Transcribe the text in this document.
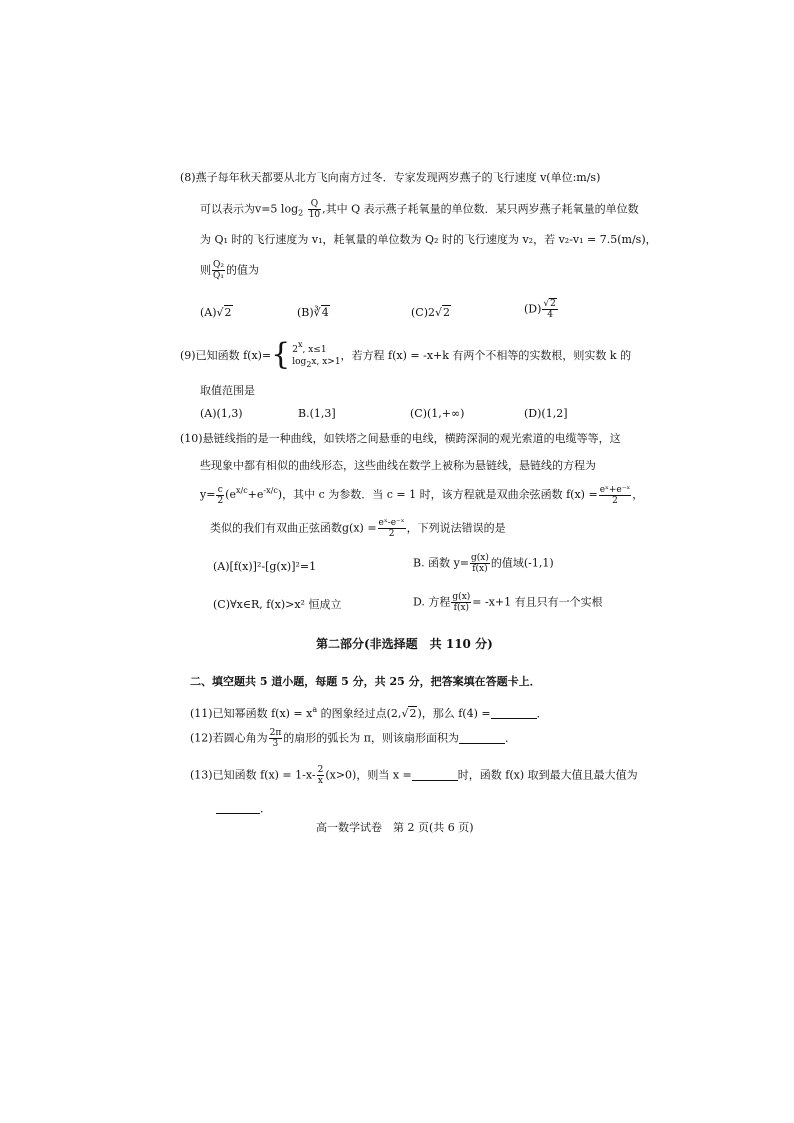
(8)燕子每年秋天都要从北方飞向南方过冬．专家发现两岁燕子的飞行速度 v(单位:m/s)
可以表示为v=5 $\log_2 \frac{Q}{10}$ ,其中 Q 表示燕子耗氧量的单位数．某只两岁燕子耗氧量的单位数
为 Q₁ 时的飞行速度为 v₁，耗氧量的单位数为 Q₂ 时的飞行速度为 v₂，若 v₂-v₁ = 7.5(m/s)，
则 $\frac{\text{Q₂}}{\text{Q₁}}$ 的值为
(A)√2	(B)∛4	(C)2√2	$(D) \frac{√2}{4}$
(9)已知函数 f(x)= { 2x, x≤1
log2x, x>1
，若方程 f(x) = -x+k 有两个不相等的实数根，则实数 k 的
取值范围是
(A)(1,3)	B.(1,3]	(C)(1,+∞)	(D)(1,2]
(10)悬链线指的是一种曲线，如铁塔之间悬垂的电线，横跨深洞的观光索道的电缆等等，这
些现象中都有相似的曲线形态，这些曲线在数学上被称为悬链线，悬链线的方程为
$y= \frac{c}{2} (e^{x/c}+e^{-x/c})$，其中 c 为参数．当 c = 1 时，该方程就是双曲余弦函数 $f(x) = \frac{\text{eˣ+e⁻ˣ}}{2}$ ，
类似的我们有双曲正弦函数$g(x) = \frac{\text{eˣ-e⁻ˣ}}{2}$ ，下列说法错误的是
(A)[f(x)]²-[g(x)]²=1	B. 函数 $y= \frac{g(x)}{f(x)}$ 的值域(-1,1)
(C)∀x∈R, f(x)>x² 恒成立	D. 方程 $\frac{g(x)}{f(x)} = -x+1$ 有且只有一个实根
第二部分(非选择题　共 110 分)
二、填空题共 5 道小题，每题 5 分，共 25 分，把答案填在答题卡上．
(11)已知幂函数 $f(x) = x^a$ 的图象经过点(2,√2)，那么 f(4) =	．
(12)若圆心角为 $\frac{2\pi}{3}$ 的扇形的弧长为 π，则该扇形面积为	．
(13)已知函数 $f(x) = 1-x- \frac{2}{x} (x>0)$，则当 x =	时，函数 f(x) 取到最大值且最大值为
．
高一数学试卷　第 2 页(共 6 页)
